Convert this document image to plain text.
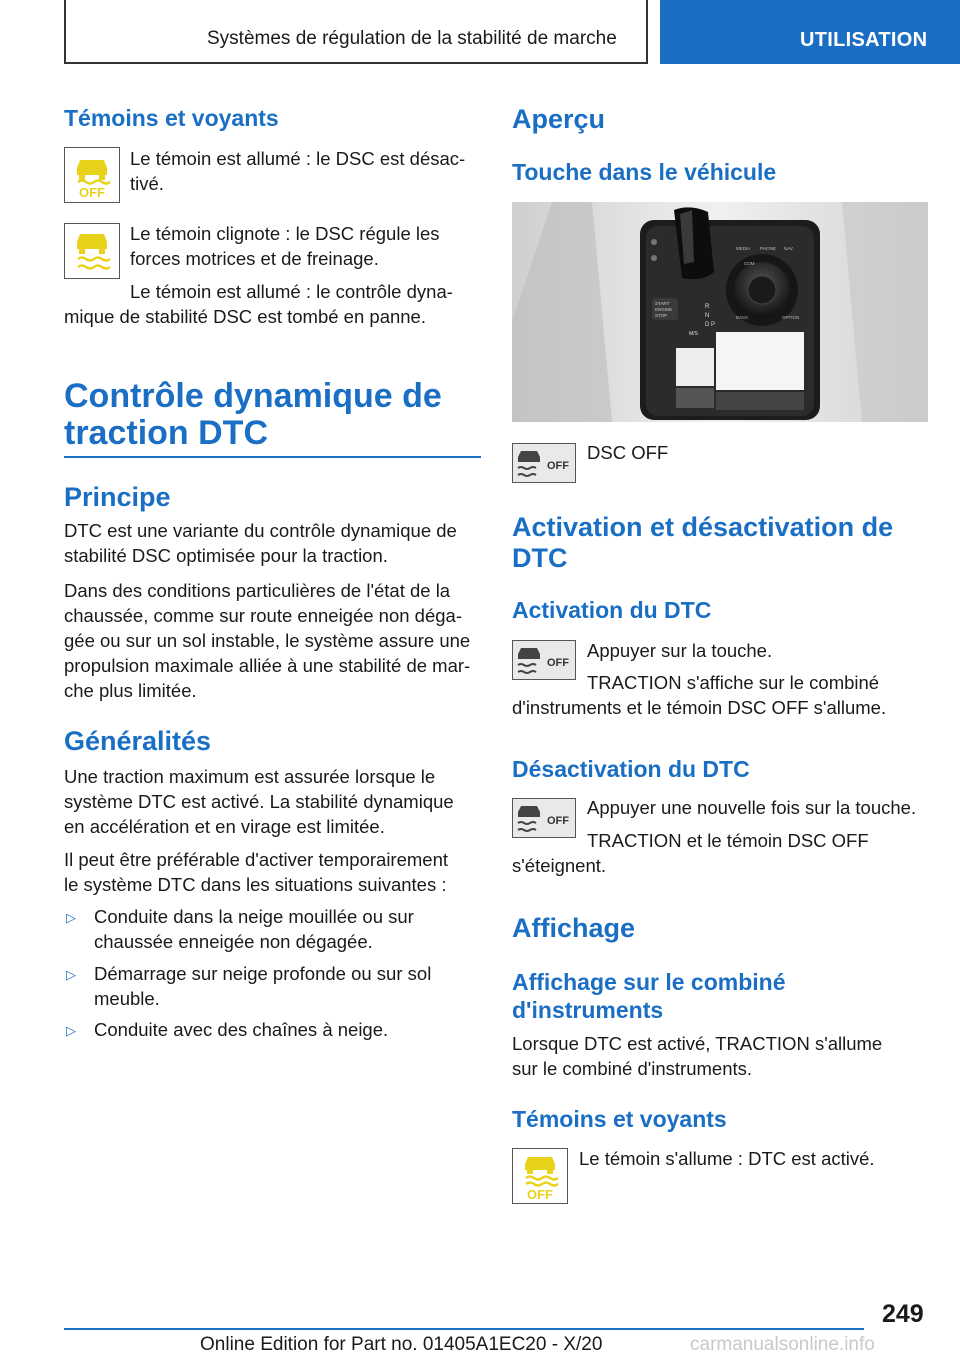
Systèmes de régulation de la stabilité de marche	UTILISATION
Témoins et voyants
OFF
Le témoin est allumé : le DSC est désac-
tivé.
Le témoin clignote : le DSC régule les
forces motrices et de freinage.
Le témoin est allumé : le contrôle dyna-
mique de stabilité DSC est tombé en panne.
Contrôle dynamique de
traction DTC
Principe
DTC est une variante du contrôle dynamique de
stabilité DSC optimisée pour la traction.
Dans des conditions particulières de l'état de la
chaussée, comme sur route enneigée non déga-
gée ou sur un sol instable, le système assure une
propulsion maximale alliée à une stabilité de mar-
che plus limitée.
Généralités
Une traction maximum est assurée lorsque le
système DTC est activé. La stabilité dynamique
en accélération et en virage est limitée.
Il peut être préférable d'activer temporairement
le système DTC dans les situations suivantes :
▷ Conduite dans la neige mouillée ou sur
chaussée enneigée non dégagée.
▷ Démarrage sur neige profonde ou sur sol
meuble.
▷ Conduite avec des chaînes à neige.
Aperçu
Touche dans le véhicule
R
N
D P
M/S
START
ENGINE
STOP
MEDIA PHONE NAV
COM
BACK	OPTION
OFF
DSC OFF
Activation et désactivation de
DTC
Activation du DTC
OFF
Appuyer sur la touche.
TRACTION s'affiche sur le combiné
d'instruments et le témoin DSC OFF s'allume.
Désactivation du DTC
OFF
Appuyer une nouvelle fois sur la touche.
TRACTION et le témoin DSC OFF
s'éteignent.
Affichage
Affichage sur le combiné
d'instruments
Lorsque DTC est activé, TRACTION s'allume
sur le combiné d'instruments.
Témoins et voyants
OFF
Le témoin s'allume : DTC est activé.
249
Online Edition for Part no. 01405A1EC20 - X/20	carmanualsonline.info
